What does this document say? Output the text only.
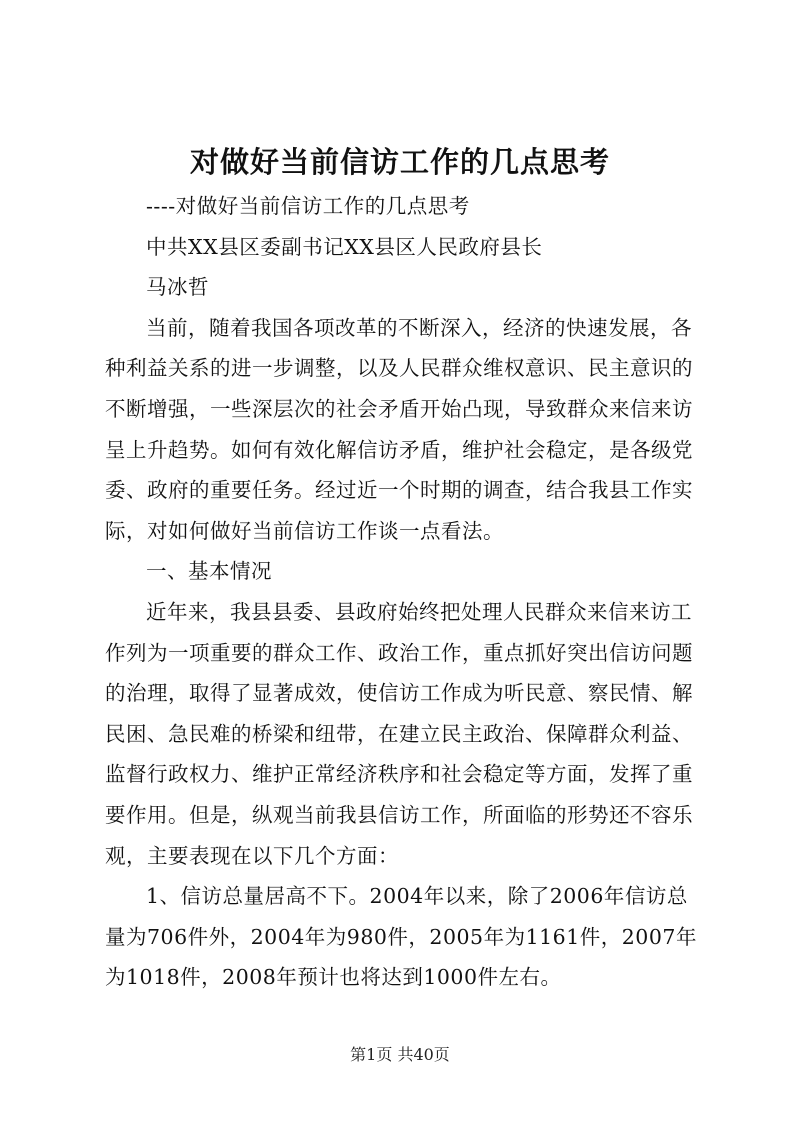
对做好当前信访工作的几点思考

----对做好当前信访工作的几点思考

中共XX县区委副书记XX县区人民政府县长

马冰哲

当前，随着我国各项改革的不断深入，经济的快速发展，各

种利益关系的进一步调整，以及人民群众维权意识、民主意识的

不断增强，一些深层次的社会矛盾开始凸现，导致群众来信来访

呈上升趋势。如何有效化解信访矛盾，维护社会稳定，是各级党

委、政府的重要任务。经过近一个时期的调查，结合我县工作实

际，对如何做好当前信访工作谈一点看法。

一、基本情况

近年来，我县县委、县政府始终把处理人民群众来信来访工

作列为一项重要的群众工作、政治工作，重点抓好突出信访问题

的治理，取得了显著成效，使信访工作成为听民意、察民情、解

民困、急民难的桥梁和纽带，在建立民主政治、保障群众利益、

监督行政权力、维护正常经济秩序和社会稳定等方面，发挥了重

要作用。但是，纵观当前我县信访工作，所面临的形势还不容乐

观，主要表现在以下几个方面：

1、信访总量居高不下。2004年以来，除了2006年信访总

量为706件外，2004年为980件，2005年为1161件，2007年

为1018件，2008年预计也将达到1000件左右。

第1页 共40页
